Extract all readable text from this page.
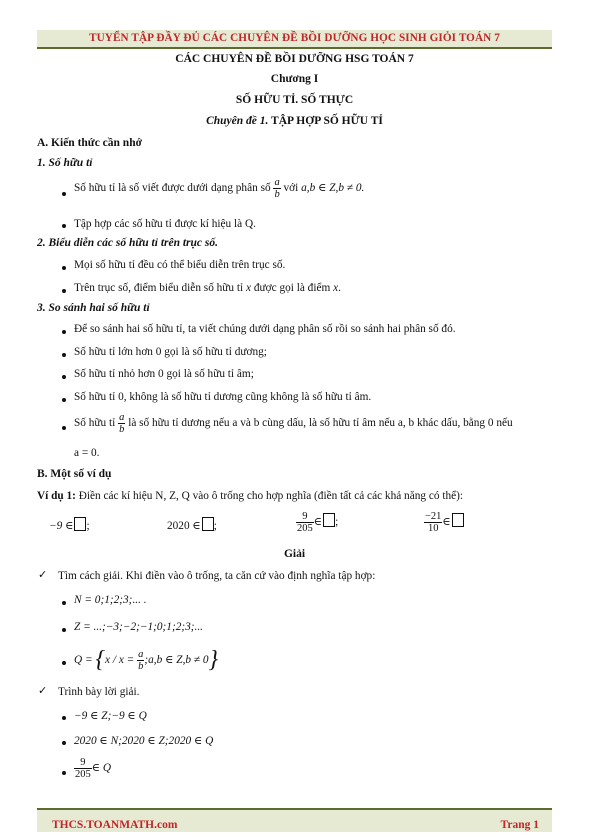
TUYỂN TẬP ĐẦY ĐỦ CÁC CHUYÊN ĐỀ BỒI DƯỠNG HỌC SINH GIỎI TOÁN 7
CÁC CHUYÊN ĐỀ BỒI DƯỠNG HSG TOÁN 7
Chương I
SỐ HỮU TỈ. SỐ THỰC
Chuyên đề 1. TẬP HỢP SỐ HỮU TỈ
A. Kiến thức cần nhớ
1. Số hữu tỉ
Số hữu tỉ là số viết được dưới dạng phân số $\frac{a}{b}$ với a,b ∈ Z,b ≠ 0.
Tập hợp các số hữu tỉ được kí hiệu là Q.
2. Biểu diễn các số hữu tỉ trên trục số.
Mọi số hữu tỉ đều có thể biểu diễn trên trục số.
Trên trục số, điểm biểu diễn số hữu tỉ x được gọi là điểm x.
3. So sánh hai số hữu tỉ
Để so sánh hai số hữu tỉ, ta viết chúng dưới dạng phân số rồi so sánh hai phân số đó.
Số hữu tỉ lớn hơn 0 gọi là số hữu tỉ dương;
Số hữu tỉ nhỏ hơn 0 gọi là số hữu tỉ âm;
Số hữu tỉ 0, không là số hữu tỉ dương cũng không là số hữu tỉ âm.
Số hữu tỉ $\frac{a}{b}$ là số hữu tỉ dương nếu a và b cùng dấu, là số hữu tỉ âm nếu a, b khác dấu, bằng 0 nếu
a = 0.
B. Một số ví dụ
Ví dụ 1: Điền các kí hiệu N, Z, Q vào ô trống cho hợp nghĩa (điền tất cả các khả năng có thể):
−9 ∈ ;	2020 ∈ ;	$\frac{9}{205}$ ∈ ;	$\frac{-21}{10}$ ∈
Giải
✓ Tìm cách giải. Khi điền vào ô trống, ta căn cứ vào định nghĩa tập hợp:
N = 0;1;2;3;... .
Z = ...;−3;−2;−1;0;1;2;3;...
$Q = \{x / x = \frac{a}{b}$ ;a,b ∈ Z,b ≠ 0}
✓ Trình bày lời giải.
−9 ∈ Z;−9 ∈ Q
2020 ∈ N;2020 ∈ Z;2020 ∈ Q
$\frac{9}{205}$ ∈ Q
THCS.TOANMATH.com	Trang 1
